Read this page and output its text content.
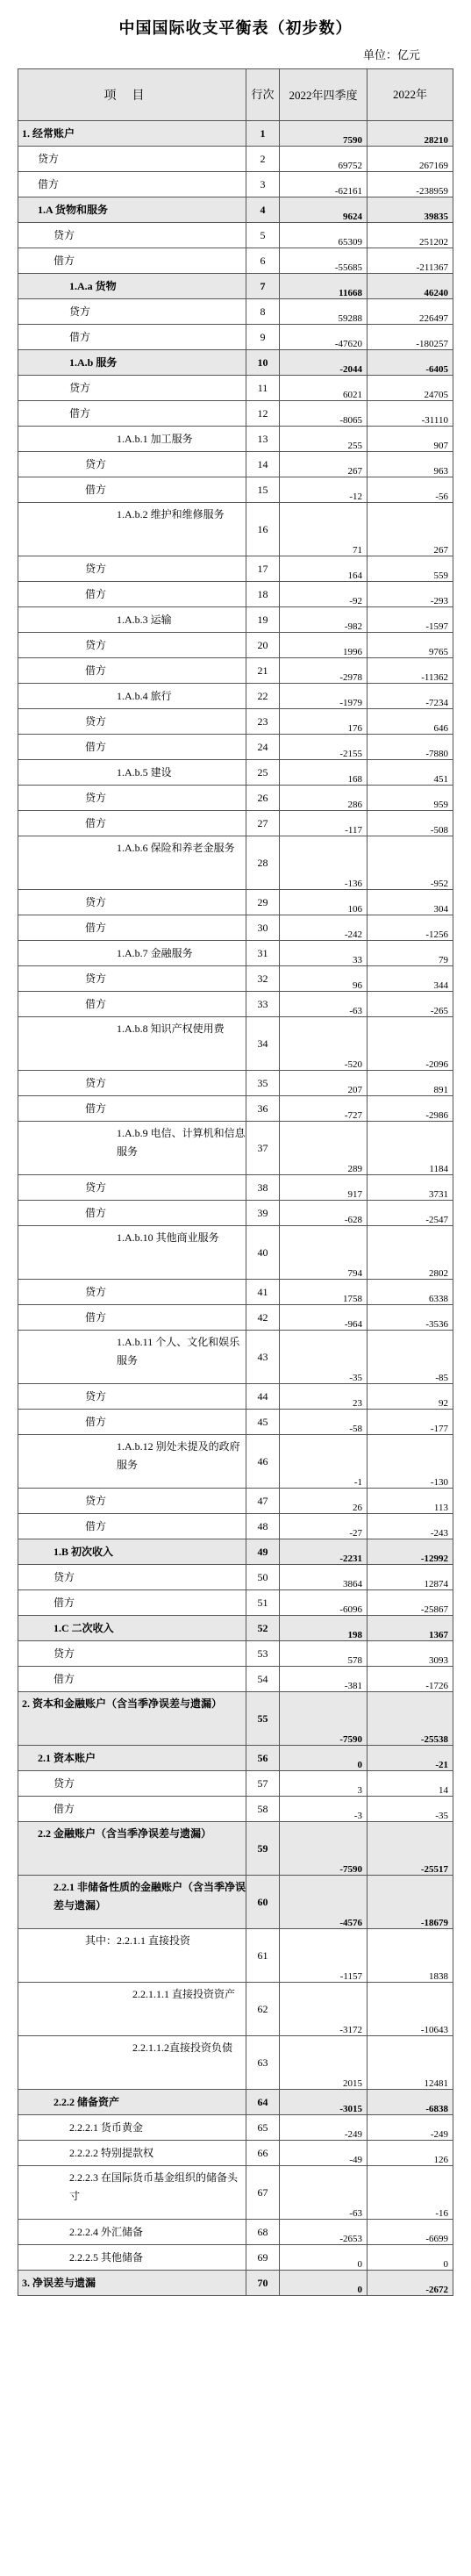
中国国际收支平衡表（初步数）
单位：亿元
项目	行次	2022年四季度	2022年
1. 经常账户	1	7590	28210
贷方	2	69752	267169
借方	3	-62161	-238959
1.A 货物和服务	4	9624	39835
贷方	5	65309	251202
借方	6	-55685	-211367
1.A.a 货物	7	11668	46240
贷方	8	59288	226497
借方	9	-47620	-180257
1.A.b 服务	10	-2044	-6405
贷方	11	6021	24705
借方	12	-8065	-31110
1.A.b.1 加工服务	13	255	907
贷方	14	267	963
借方	15	-12	-56
1.A.b.2 维护和维修服务	16	71	267
贷方	17	164	559
借方	18	-92	-293
1.A.b.3 运输	19	-982	-1597
贷方	20	1996	9765
借方	21	-2978	-11362
1.A.b.4 旅行	22	-1979	-7234
贷方	23	176	646
借方	24	-2155	-7880
1.A.b.5 建设	25	168	451
贷方	26	286	959
借方	27	-117	-508
1.A.b.6 保险和养老金服务	28	-136	-952
贷方	29	106	304
借方	30	-242	-1256
1.A.b.7 金融服务	31	33	79
贷方	32	96	344
借方	33	-63	-265
1.A.b.8 知识产权使用费	34	-520	-2096
贷方	35	207	891
借方	36	-727	-2986
1.A.b.9 电信、计算机和信息服务	37	289	1184
贷方	38	917	3731
借方	39	-628	-2547
1.A.b.10 其他商业服务	40	794	2802
贷方	41	1758	6338
借方	42	-964	-3536
1.A.b.11 个人、文化和娱乐服务	43	-35	-85
贷方	44	23	92
借方	45	-58	-177
1.A.b.12 别处未提及的政府服务	46	-1	-130
贷方	47	26	113
借方	48	-27	-243
1.B 初次收入	49	-2231	-12992
贷方	50	3864	12874
借方	51	-6096	-25867
1.C 二次收入	52	198	1367
贷方	53	578	3093
借方	54	-381	-1726
2. 资本和金融账户（含当季净误差与遗漏）	55	-7590	-25538
2.1 资本账户	56	0	-21
贷方	57	3	14
借方	58	-3	-35
2.2 金融账户（含当季净误差与遗漏）	59	-7590	-25517
2.2.1 非储备性质的金融账户（含当季净误差与遗漏）	60	-4576	-18679
其中：2.2.1.1 直接投资	61	-1157	1838
2.2.1.1.1 直接投资资产	62	-3172	-10643
2.2.1.1.2直接投资负债	63	2015	12481
2.2.2 储备资产	64	-3015	-6838
2.2.2.1 货币黄金	65	-249	-249
2.2.2.2 特别提款权	66	-49	126
2.2.2.3 在国际货币基金组织的储备头寸	67	-63	-16
2.2.2.4 外汇储备	68	-2653	-6699
2.2.2.5 其他储备	69	0	0
3. 净误差与遗漏	70	0	-2672
